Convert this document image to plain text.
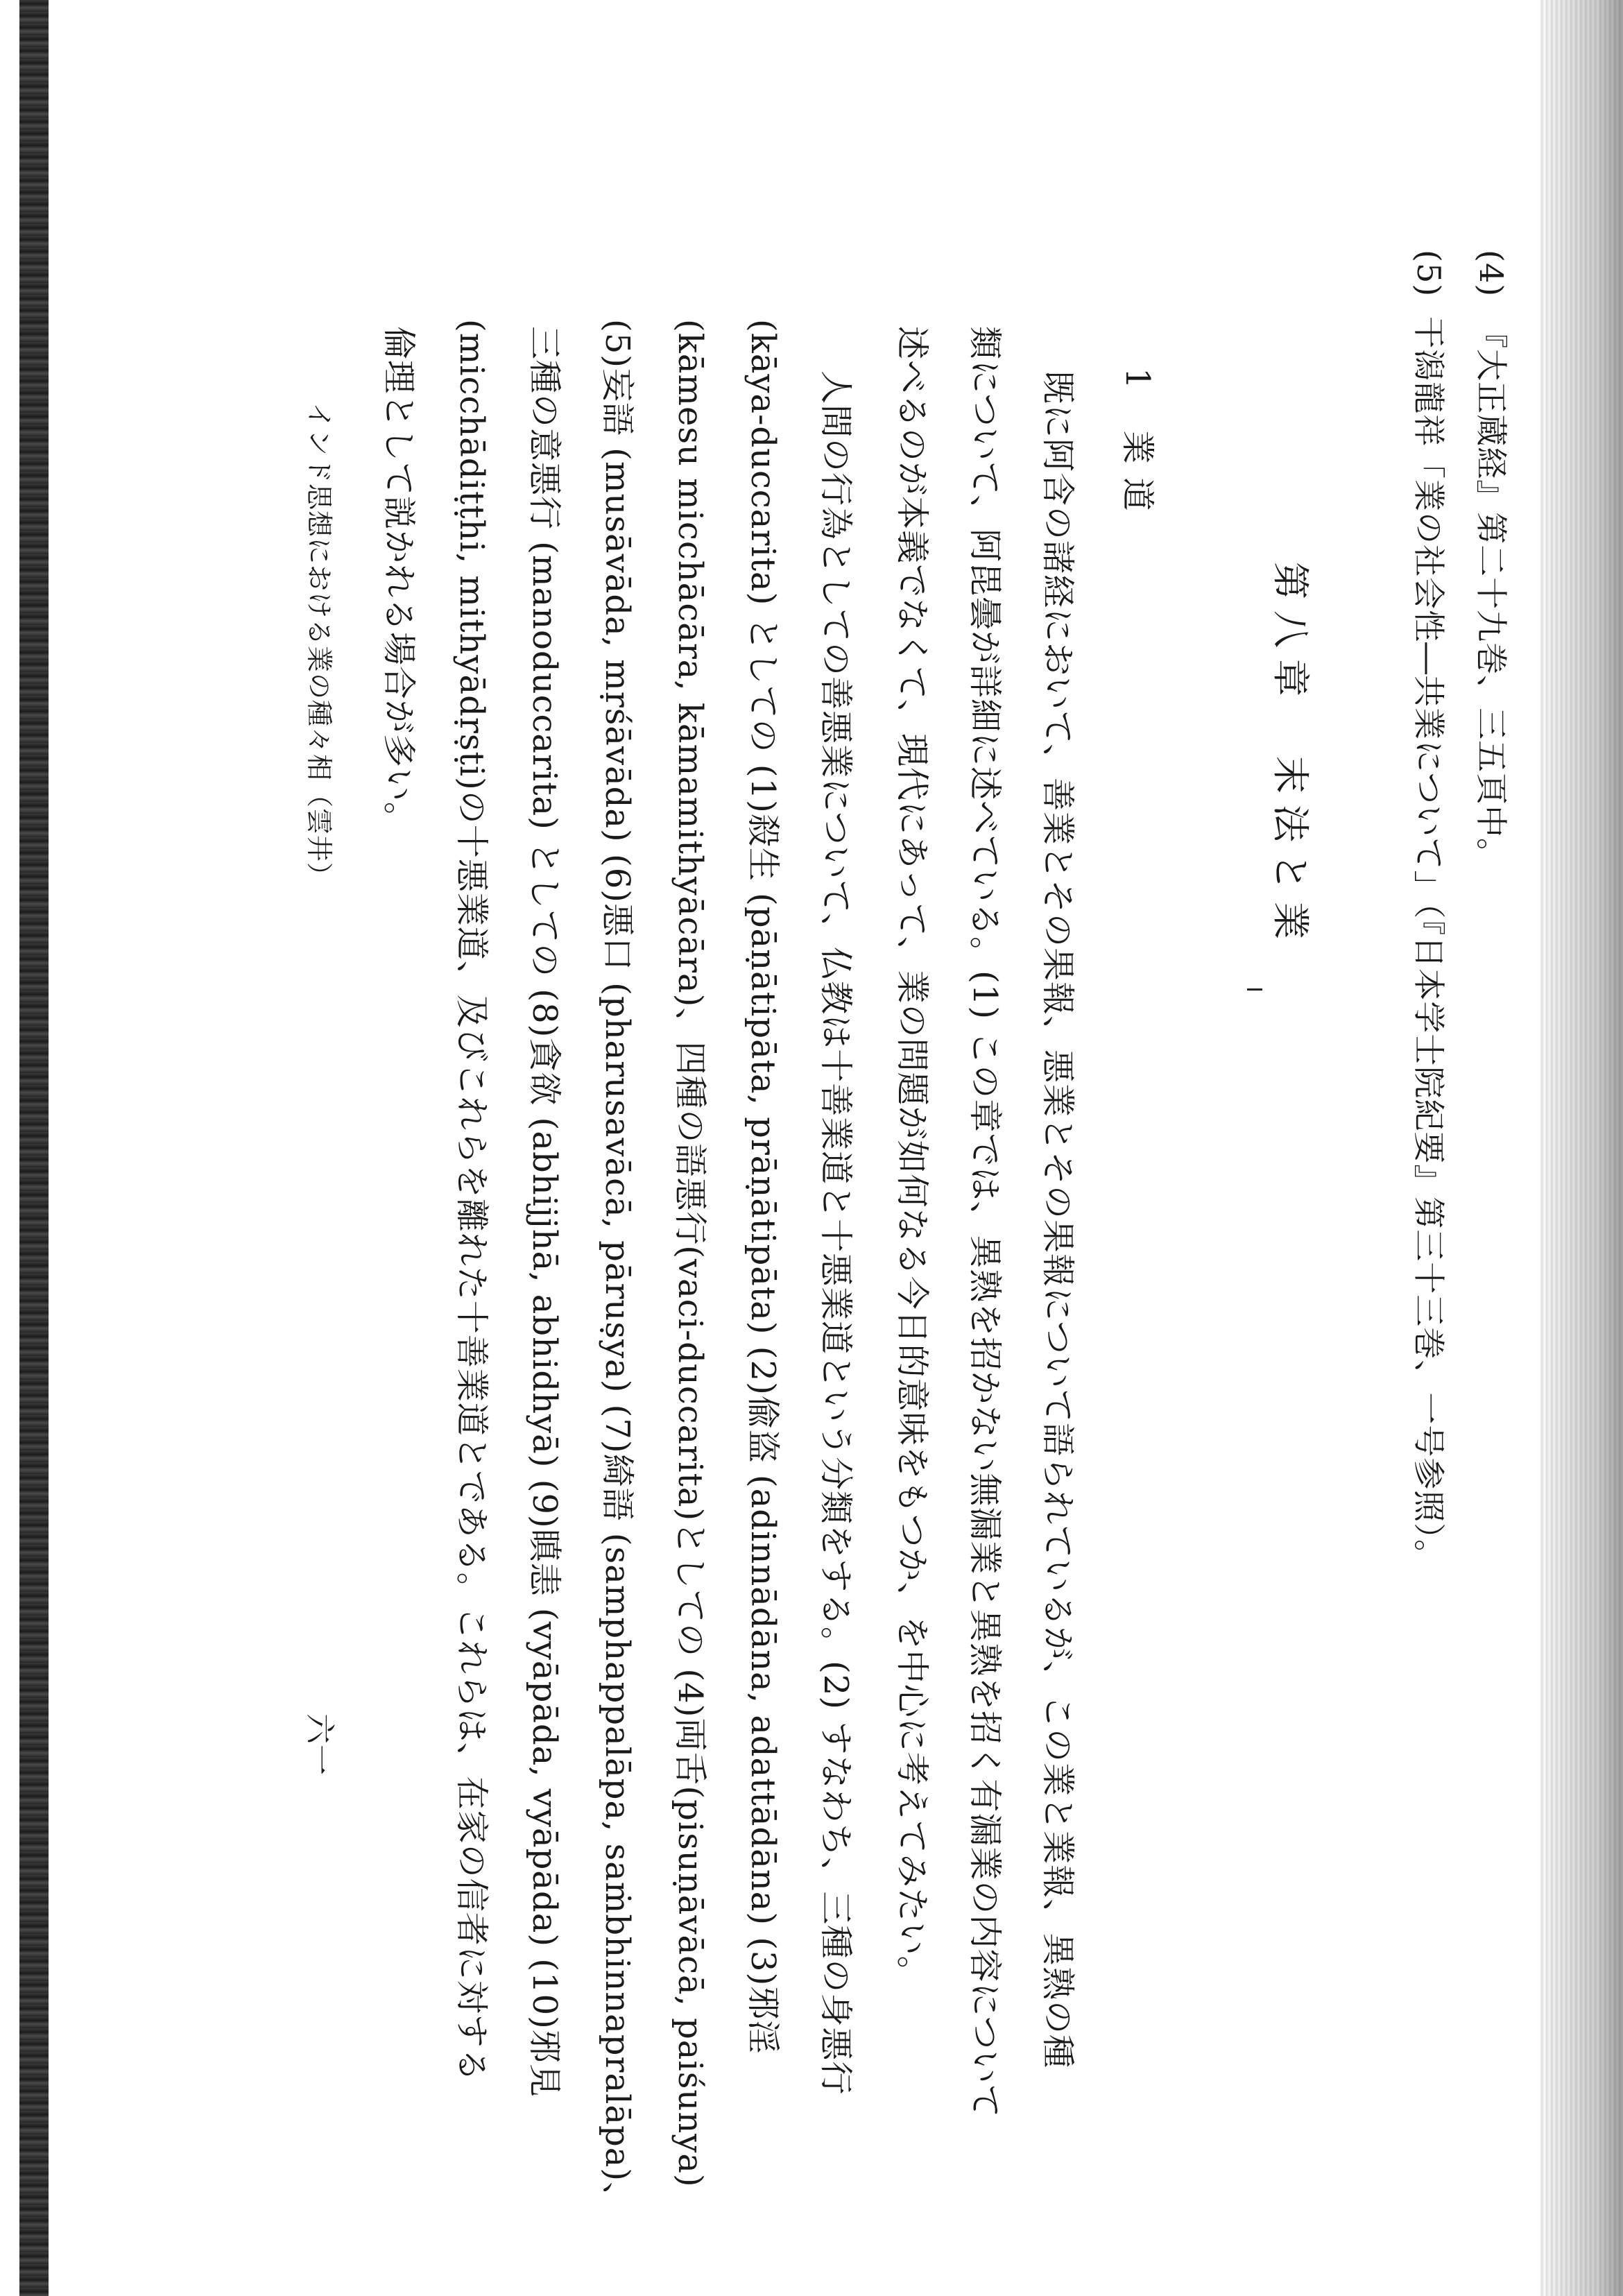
(4)『大正蔵経』第二十九巻、三五頁中。
(5)干潟龍祥「業の社会性―共業について」（『日本学士院紀要』第三十三巻、一号参照）。
第八章　末法と業
1業道
　既に阿含の諸経において、善業とその果報、悪業とその果報について語られているが、この業と業報、異熟の種
類について、阿毘曇が詳細に述べている。(1) この章では、異熟を招かない無漏業と異熟を招く有漏業の内容について
述べるのが本義でなくて、現代にあって、業の問題が如何なる今日的意味をもつか、を中心に考えてみたい。
　人間の行為としての善悪業について、仏教は十善業道と十悪業道という分類をする。(2) すなわち、三種の身悪行
(kāya-duccarita) としての (1)殺生 (pāṇātipāta, prāṇātipāta) (2)偸盗 (adinnādāna, adattādāna) (3)邪淫
(kāmesu micchācāra, kāmamithyācāra)、四種の語悪行(vaci-duccarita)としての (4)両舌(pisuṇāvācā, paiśunya)
(5)妄語 (musāvāda, mṛśāvāda) (6)悪口 (pharusavācā, pāruṣya) (7)綺語 (samphappalāpa, saṁbhinnapralāpa)、
三種の意悪行 (manoduccarita) としての (8)貪欲 (abhijjhā, abhidhyā) (9)瞋恚 (vyāpāda, vyāpāda) (10)邪見
(micchādiṭṭhi, mithyādṛṣṭi)の十悪業道、及びこれらを離れた十善業道とである。これらは、在家の信者に対する
倫理として説かれる場合が多い。
インド思想における業の種々相（雲井）
六一
